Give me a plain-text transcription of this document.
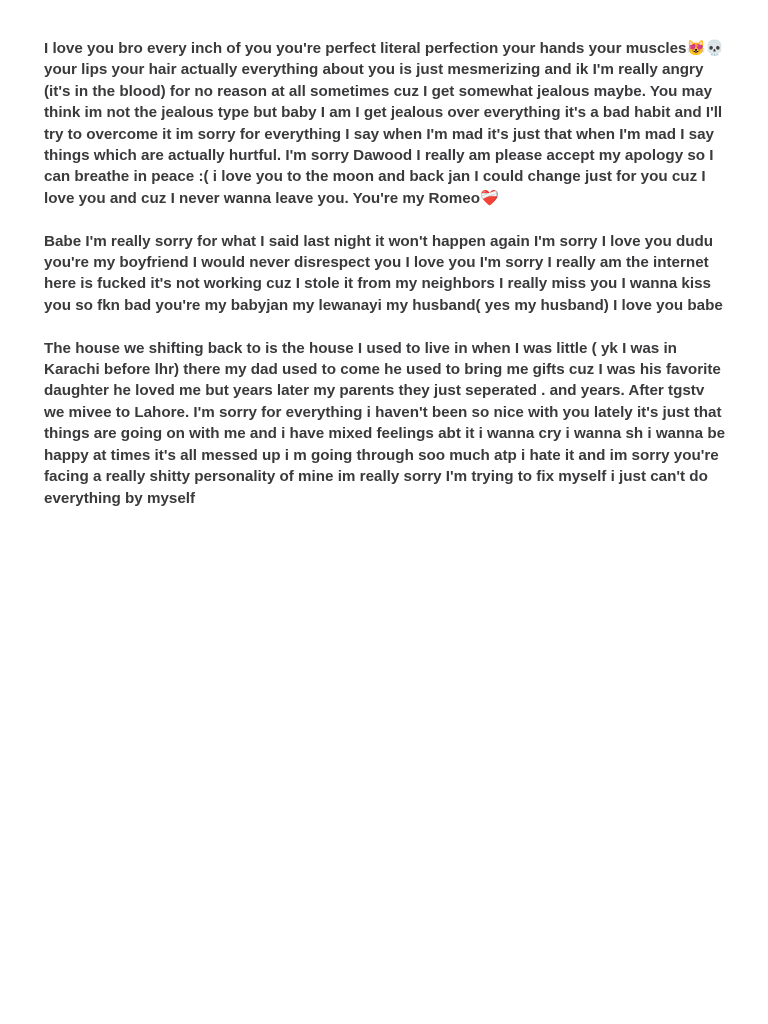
I love you bro every inch of you you're perfect literal perfection your hands your muscles😻💀 your lips your hair actually everything about you is just mesmerizing and ik I'm really angry (it's in the blood) for no reason at all sometimes cuz I get somewhat jealous maybe. You may think im not the jealous type but baby I am I get jealous over everything it's a bad habit and I'll try to overcome it im sorry for everything I say when I'm mad it's just that when I'm mad I say things which are actually hurtful. I'm sorry Dawood I really am please accept my apology so I can breathe in peace :( i love you to the moon and back jan I could change just for you cuz I love you and cuz I never wanna leave you. You're my Romeo❤️‍🩹

Babe I'm really sorry for what I said last night it won't happen again I'm sorry I love you dudu you're my boyfriend I would never disrespect you I love you I'm sorry I really am the internet here is fucked it's not working cuz I stole it from my neighbors I really miss you I wanna kiss you so fkn bad you're my babyjan my lewanayi my husband( yes my husband) I love you babe

The house we shifting back to is the house I used to live in when I was little ( yk I was in Karachi before lhr) there my dad used to come he used to bring me gifts cuz I was his favorite daughter he loved me but years later my parents they just seperated . and years. After tgstv we mivee to Lahore. I'm sorry for everything i haven't been so nice with you lately it's just that things are going on with me and i have mixed feelings abt it i wanna cry i wanna sh i wanna be happy at times it's all messed up i m going through soo much atp i hate it and im sorry you're facing a really shitty personality of mine im really sorry I'm trying to fix myself i just can't do everything by myself
